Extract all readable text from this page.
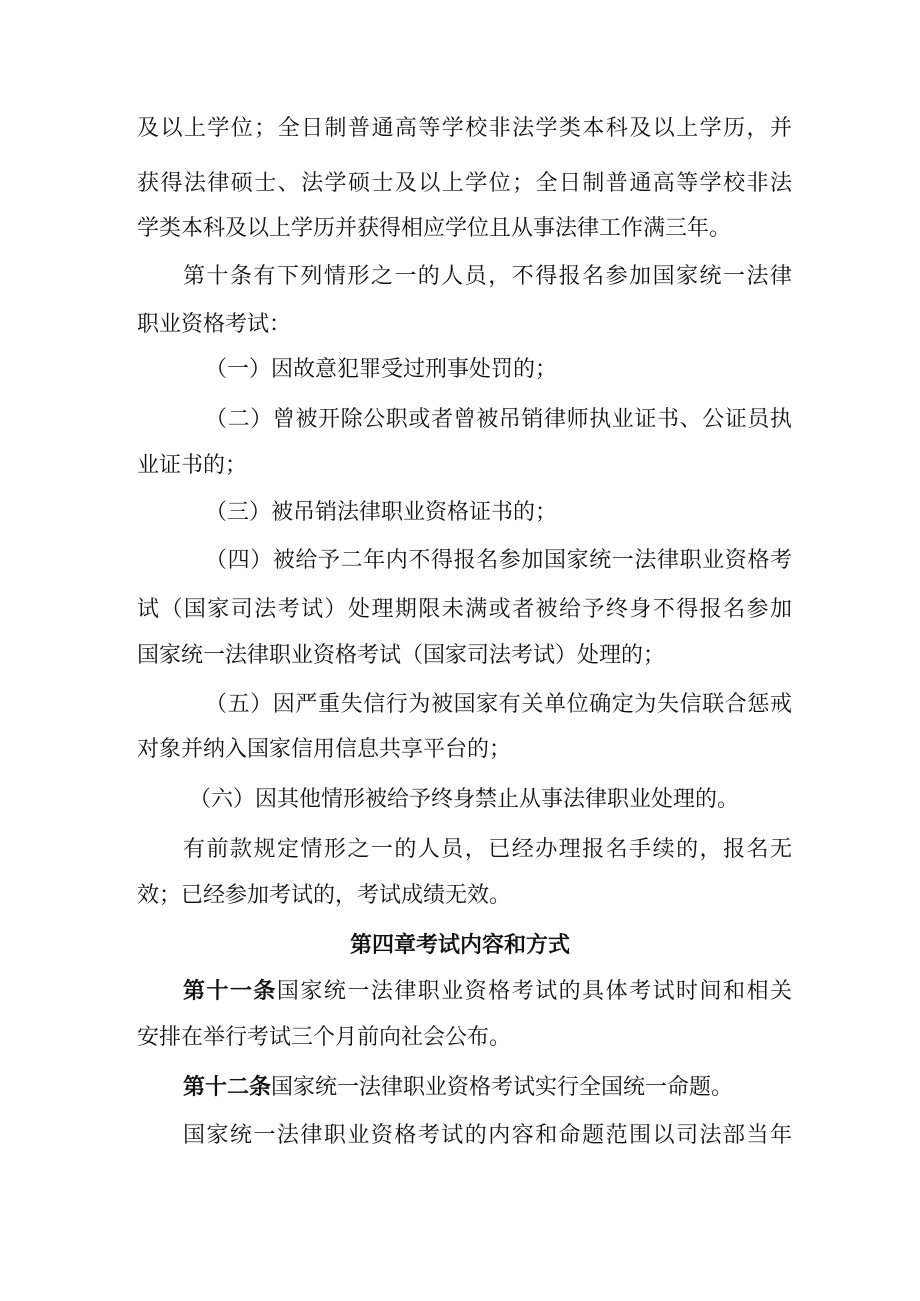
及以上学位；全日制普通高等学校非法学类本科及以上学历，并
获得法律硕士、法学硕士及以上学位；全日制普通高等学校非法
学类本科及以上学历并获得相应学位且从事法律工作满三年。
第十条有下列情形之一的人员，不得报名参加国家统一法律
职业资格考试：
（一）因故意犯罪受过刑事处罚的；
（二）曾被开除公职或者曾被吊销律师执业证书、公证员执
业证书的；
（三）被吊销法律职业资格证书的；
（四）被给予二年内不得报名参加国家统一法律职业资格考
试（国家司法考试）处理期限未满或者被给予终身不得报名参加
国家统一法律职业资格考试（国家司法考试）处理的；
（五）因严重失信行为被国家有关单位确定为失信联合惩戒
对象并纳入国家信用信息共享平台的；
（六）因其他情形被给予终身禁止从事法律职业处理的。
有前款规定情形之一的人员，已经办理报名手续的，报名无
效；已经参加考试的，考试成绩无效。
第四章考试内容和方式
第十一条国家统一法律职业资格考试的具体考试时间和相关
安排在举行考试三个月前向社会公布。
第十二条国家统一法律职业资格考试实行全国统一命题。
国家统一法律职业资格考试的内容和命题范围以司法部当年
